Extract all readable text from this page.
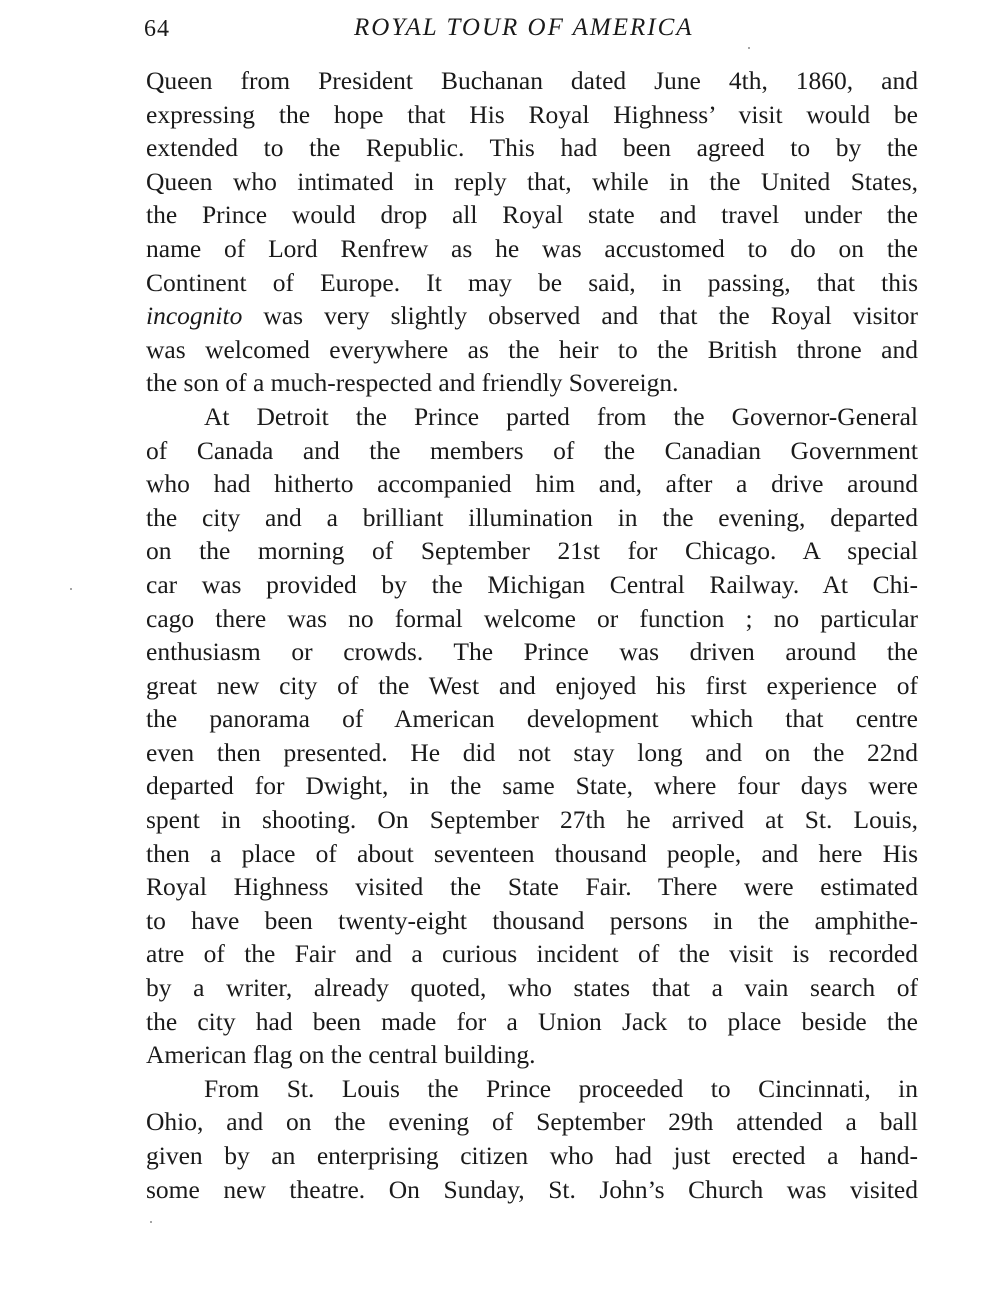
64	ROYAL TOUR OF AMERICA

Queen from President Buchanan dated June 4th, 1860, and
expressing the hope that His Royal Highness’ visit would be
extended to the Republic. This had been agreed to by the
Queen who intimated in reply that, while in the United States,
the Prince would drop all Royal state and travel under the
name of Lord Renfrew as he was accustomed to do on the
Continent of Europe. It may be said, in passing, that this
incognito was very slightly observed and that the Royal visitor
was welcomed everywhere as the heir to the British throne and
the son of a much-respected and friendly Sovereign.

At Detroit the Prince parted from the Governor-General
of Canada and the members of the Canadian Government
who had hitherto accompanied him and, after a drive around
the city and a brilliant illumination in the evening, departed
on the morning of September 21st for Chicago. A special
car was provided by the Michigan Central Railway. At Chi-
cago there was no formal welcome or function ; no particular
enthusiasm or crowds. The Prince was driven around the
great new city of the West and enjoyed his first experience of
the panorama of American development which that centre
even then presented. He did not stay long and on the 22nd
departed for Dwight, in the same State, where four days were
spent in shooting. On September 27th he arrived at St. Louis,
then a place of about seventeen thousand people, and here His
Royal Highness visited the State Fair. There were estimated
to have been twenty-eight thousand persons in the amphithe-
atre of the Fair and a curious incident of the visit is recorded
by a writer, already quoted, who states that a vain search of
the city had been made for a Union Jack to place beside the
American flag on the central building.

From St. Louis the Prince proceeded to Cincinnati, in
Ohio, and on the evening of September 29th attended a ball
given by an enterprising citizen who had just erected a hand-
some new theatre. On Sunday, St. John’s Church was visited
